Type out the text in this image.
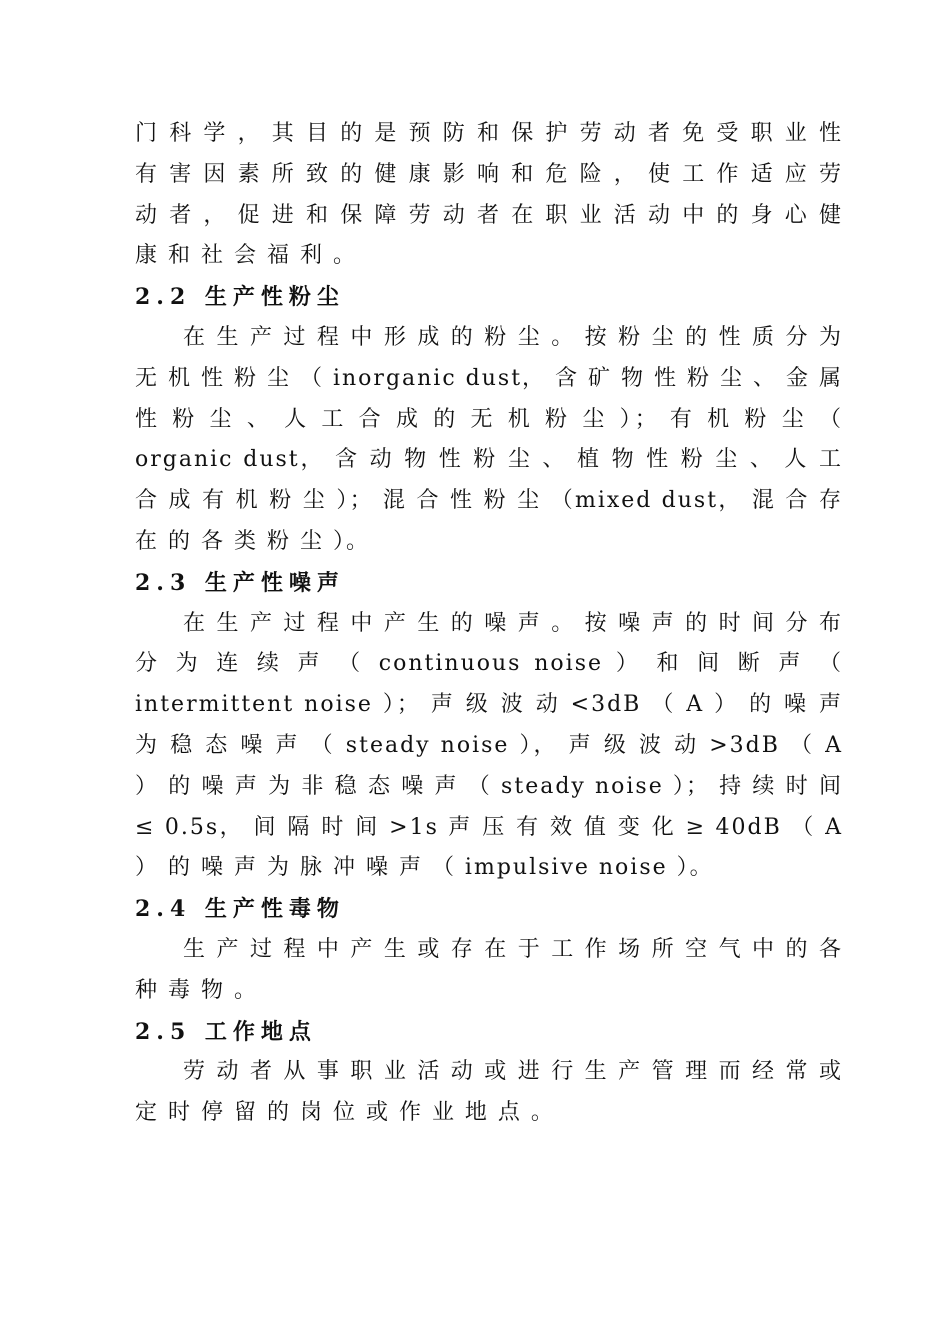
门 科 学 ， 其 目 的 是 预 防 和 保 护 劳 动 者 免 受 职 业 性 有 害 因 素 所 致 的 健 康 影 响 和 危 险 ， 使 工 作 适 应 劳 动 者 ， 促 进 和 保 障 劳 动 者 在 职 业 活 动 中 的 身 心 健 康 和 社 会 福 利 。

2.2 生产性粉尘

在 生 产 过 程 中 形 成 的 粉 尘 。 按 粉 尘 的 性 质 分 为 无 机 性 粉 尘 （ inorganic dust， 含 矿 物 性 粉 尘 、 金 属 性 粉 尘 、 人 工 合 成 的 无 机 粉 尘 ）； 有 机 粉 尘 （ organic dust， 含 动 物 性 粉 尘 、 植 物 性 粉 尘 、 人 工 合 成 有 机 粉 尘 ）； 混 合 性 粉 尘 （mixed dust， 混 合 存 在 的 各 类 粉 尘 ）。

2.3 生产性噪声

在 生 产 过 程 中 产 生 的 噪 声 。 按 噪 声 的 时 间 分 布 分 为 连 续 声 （ continuous noise ） 和 间 断 声 （ intermittent noise ）； 声 级 波 动 <3dB （ A ） 的 噪 声 为 稳 态 噪 声 （ steady noise ）， 声 级 波 动 >3dB （ A ） 的 噪 声 为 非 稳 态 噪 声 （ steady noise ）； 持 续 时 间 ≤ 0.5s， 间 隔 时 间 >1s 声 压 有 效 值 变 化 ≥ 40dB （ A ） 的 噪 声 为 脉 冲 噪 声 （ impulsive noise ）。

2.4 生产性毒物

生 产 过 程 中 产 生 或 存 在 于 工 作 场 所 空 气 中 的 各 种 毒 物 。

2.5 工作地点

劳 动 者 从 事 职 业 活 动 或 进 行 生 产 管 理 而 经 常 或 定 时 停 留 的 岗 位 或 作 业 地 点 。
